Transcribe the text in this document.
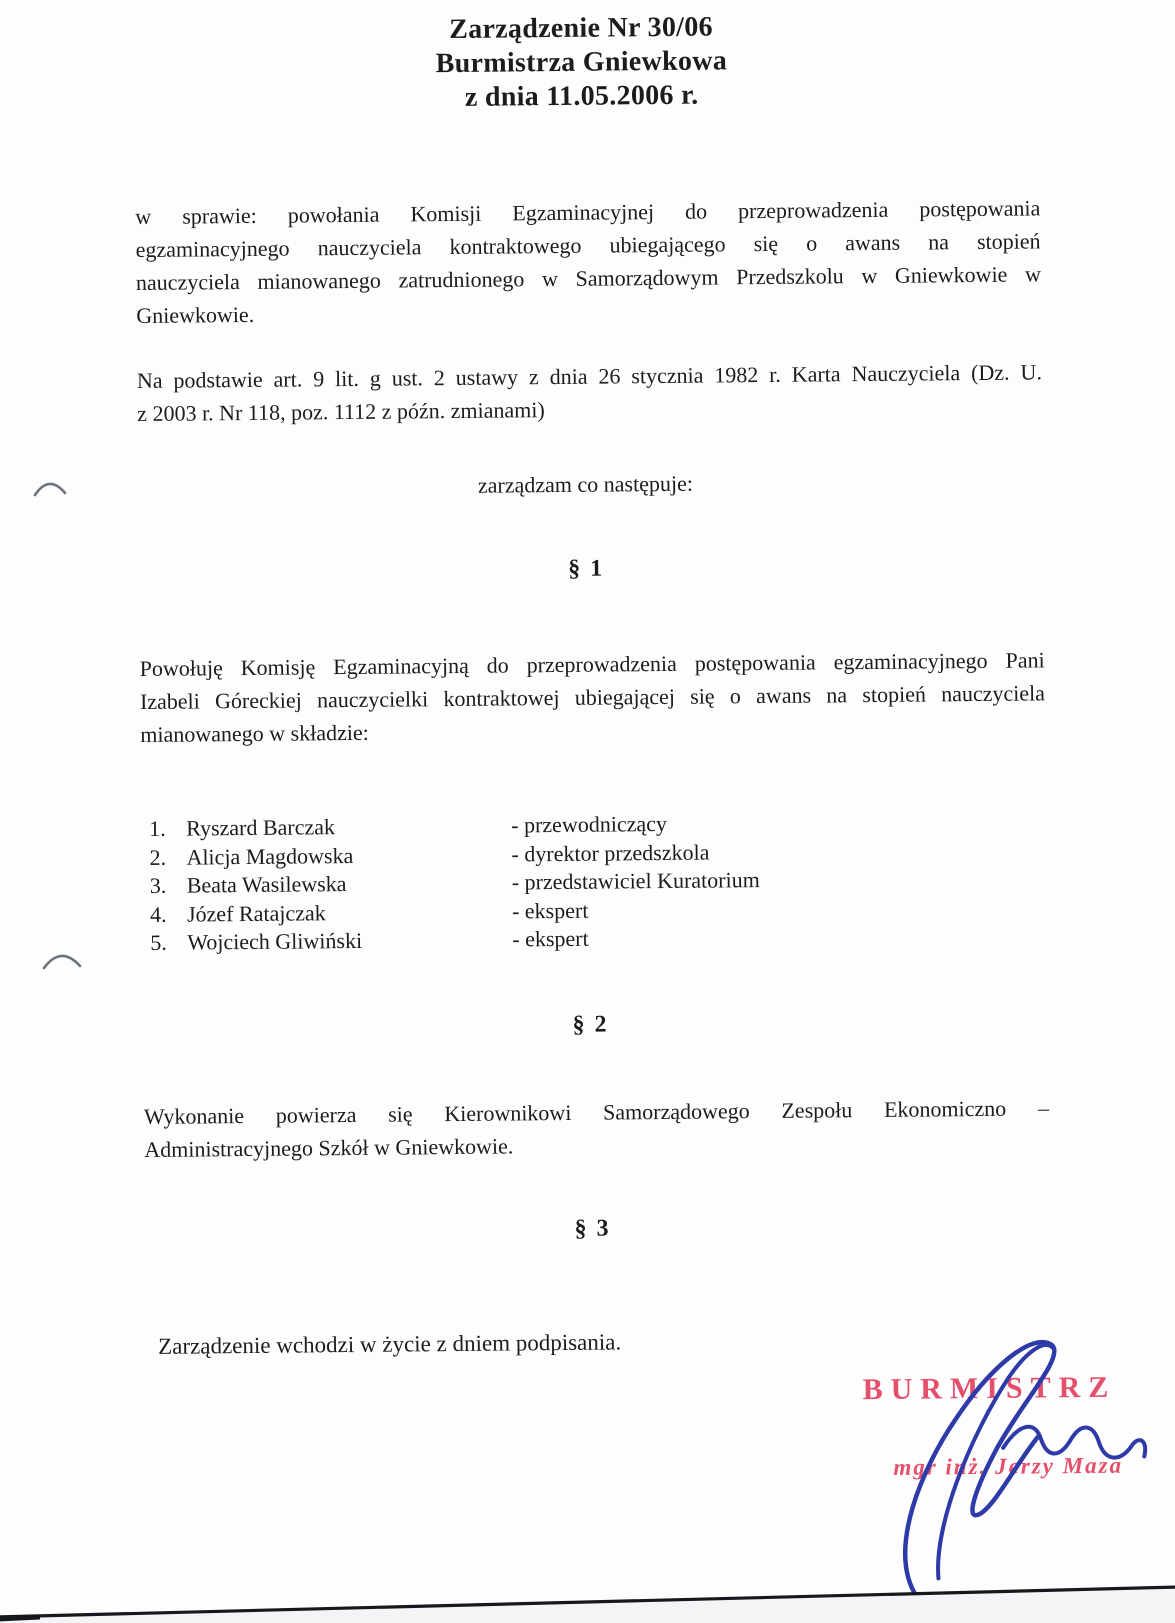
Zarządzenie Nr 30/06
Burmistrza Gniewkowa
z dnia 11.05.2006 r.
w sprawie: powołania Komisji Egzaminacyjnej do przeprowadzenia postępowania
egzaminacyjnego nauczyciela kontraktowego ubiegającego się o awans na stopień
nauczyciela mianowanego zatrudnionego w Samorządowym Przedszkolu w Gniewkowie w
Gniewkowie.
Na podstawie art. 9 lit. g ust. 2 ustawy z dnia 26 stycznia 1982 r. Karta Nauczyciela (Dz. U.
z 2003 r. Nr 118, poz. 1112 z późn. zmianami)
zarządzam co następuje:
§ 1
Powołuję Komisję Egzaminacyjną do przeprowadzenia postępowania egzaminacyjnego Pani
Izabeli Góreckiej nauczycielki kontraktowej ubiegającej się o awans na stopień nauczyciela
mianowanego w składzie:
1. Ryszard Barczak	- przewodniczący
2. Alicja Magdowska	- dyrektor przedszkola
3. Beata Wasilewska	- przedstawiciel Kuratorium
4. Józef Ratajczak	- ekspert
5. Wojciech Gliwiński	- ekspert
§ 2
Wykonanie powierza się Kierownikowi Samorządowego Zespołu Ekonomiczno –
Administracyjnego Szkół w Gniewkowie.
§ 3
Zarządzenie wchodzi w życie z dniem podpisania.
BURMISTRZ
mgr inż. Jerzy Maza
